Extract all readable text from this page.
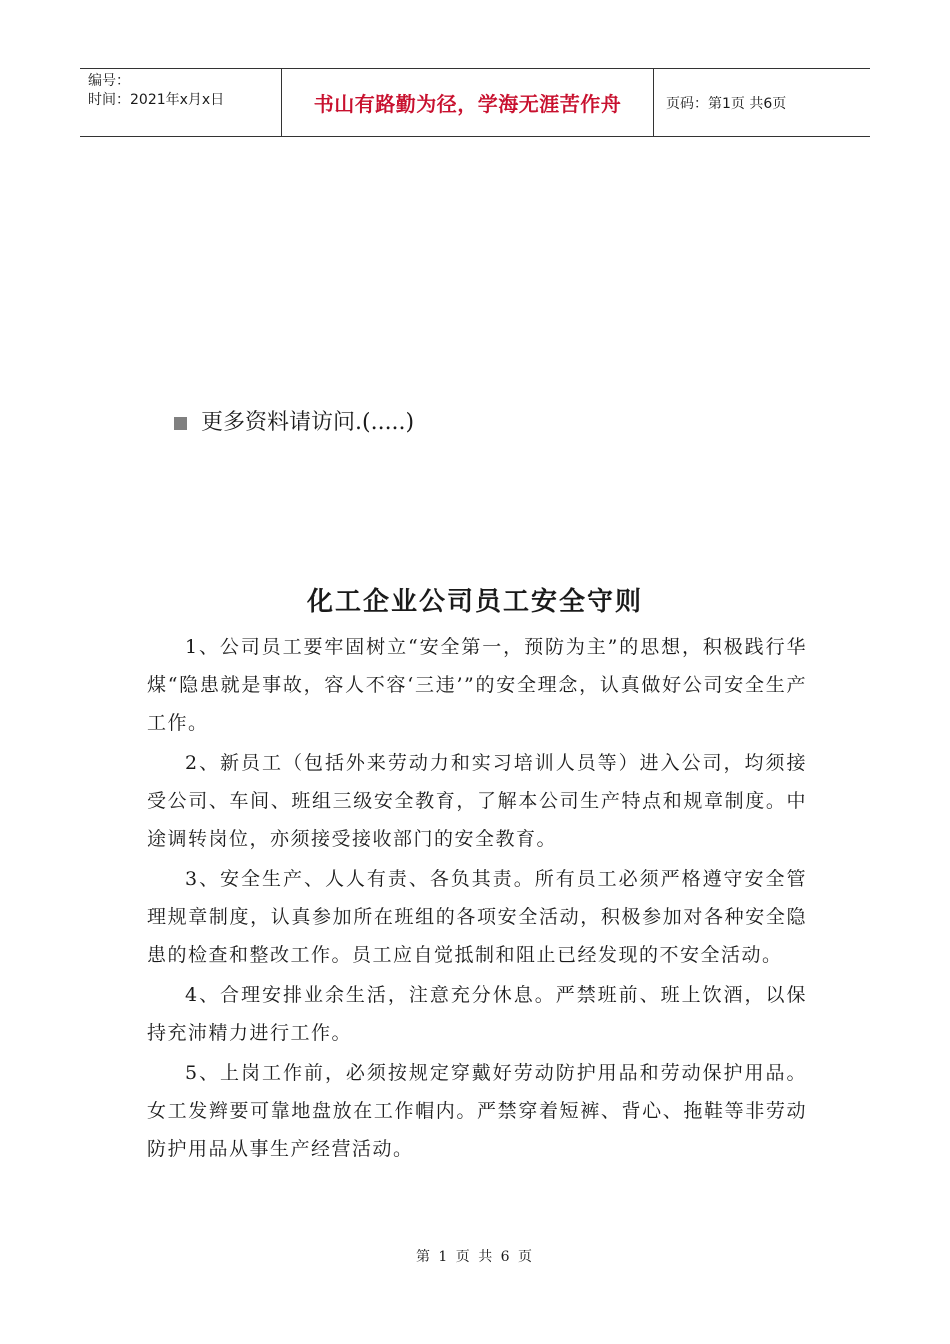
编号：
时间：2021年x月x日	书山有路勤为径，学海无涯苦作舟	页码：第1页 共6页
更多资料请访问.(.....)
化工企业公司员工安全守则

1、公司员工要牢固树立“安全第一，预防为主”的思想，积极践行华煤“隐患就是事故，容人不容‘三违’”的安全理念，认真做好公司安全生产工作。

2、新员工（包括外来劳动力和实习培训人员等）进入公司，均须接受公司、车间、班组三级安全教育，了解本公司生产特点和规章制度。中途调转岗位，亦须接受接收部门的安全教育。

3、安全生产、人人有责、各负其责。所有员工必须严格遵守安全管理规章制度，认真参加所在班组的各项安全活动，积极参加对各种安全隐患的检查和整改工作。员工应自觉抵制和阻止已经发现的不安全活动。

4、合理安排业余生活，注意充分休息。严禁班前、班上饮酒，以保持充沛精力进行工作。

5、上岗工作前，必须按规定穿戴好劳动防护用品和劳动保护用品。女工发辫要可靠地盘放在工作帽内。严禁穿着短裤、背心、拖鞋等非劳动防护用品从事生产经营活动。

第 1 页 共 6 页
